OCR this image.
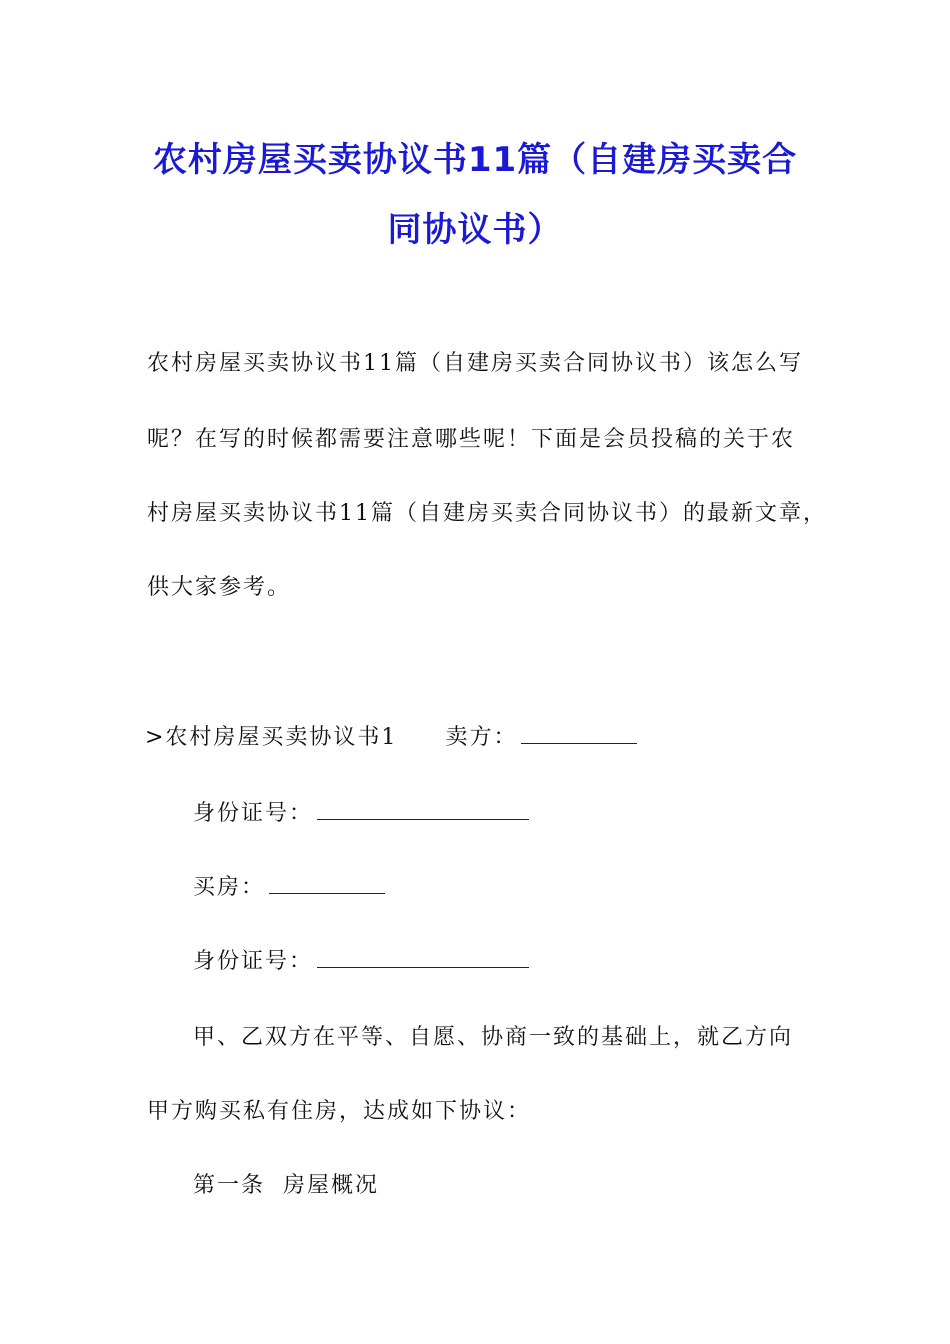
农村房屋买卖协议书11篇（自建房买卖合
同协议书）
农村房屋买卖协议书11篇（自建房买卖合同协议书）该怎么写
呢？在写的时候都需要注意哪些呢！下面是会员投稿的关于农
村房屋买卖协议书11篇（自建房买卖合同协议书）的最新文章，
供大家参考。
>农村房屋买卖协议书1 卖方：
身份证号：
买房：
身份证号：
甲、乙双方在平等、自愿、协商一致的基础上，就乙方向
甲方购买私有住房，达成如下协议：
第一条  房屋概况
